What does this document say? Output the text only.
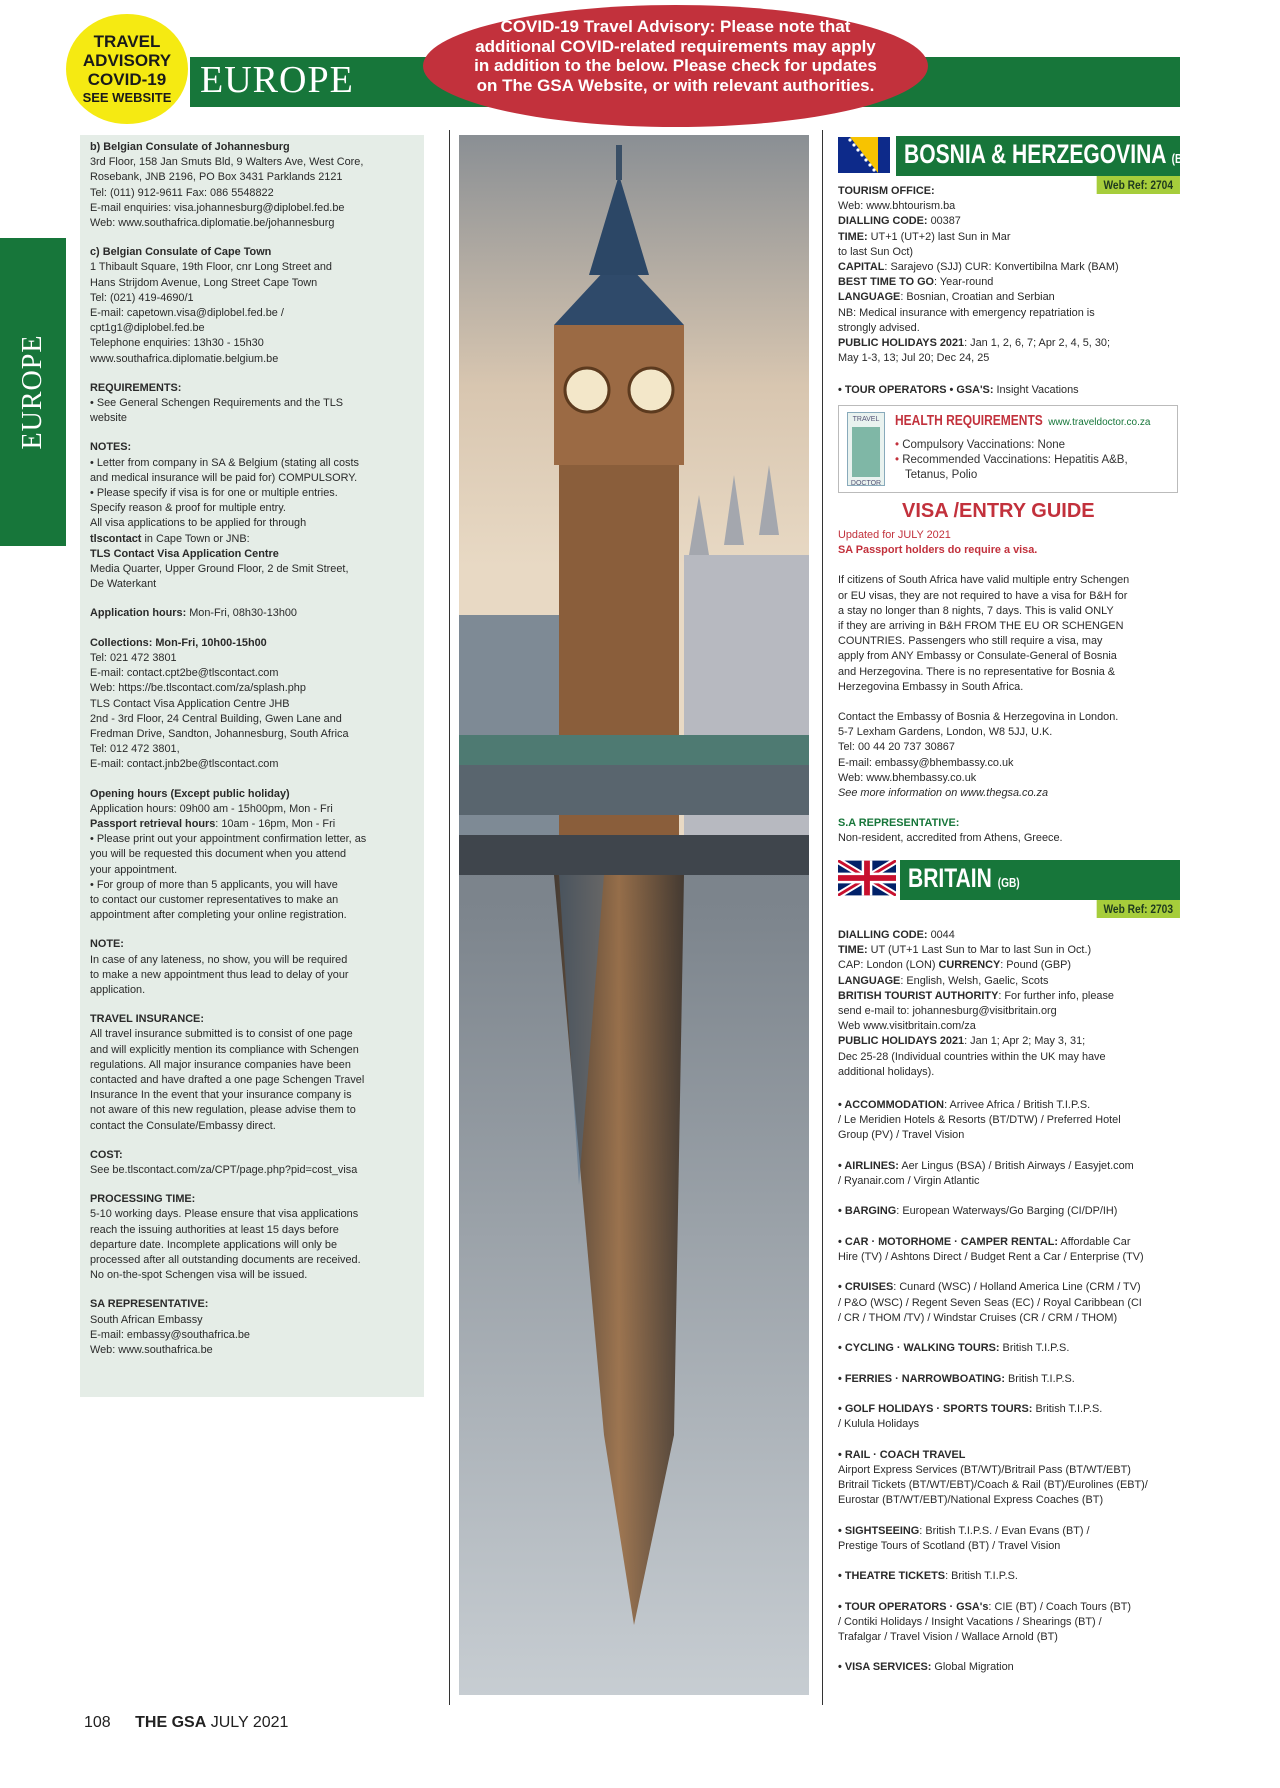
EUROPE
TRAVEL
ADVISORY
COVID-19
SEE WEBSITE
COVID-19 Travel Advisory: Please note that additional COVID-related requirements may apply in addition to the below. Please check for updates on The GSA Website, or with relevant authorities.
EUROPE
b) Belgian Consulate of Johannesburg
3rd Floor, 158 Jan Smuts Bld, 9 Walters Ave, West Core,
Rosebank, JNB 2196, PO Box 3431 Parklands 2121
Tel: (011) 912-9611 Fax: 086 5548822
E-mail enquiries: visa.johannesburg@diplobel.fed.be
Web: www.southafrica.diplomatie.be/johannesburg
c) Belgian Consulate of Cape Town
1 Thibault Square, 19th Floor, cnr Long Street and
Hans Strijdom Avenue, Long Street Cape Town
Tel: (021) 419-4690/1
E-mail: capetown.visa@diplobel.fed.be /
cpt1g1@diplobel.fed.be
Telephone enquiries: 13h30 - 15h30
www.southafrica.diplomatie.belgium.be
REQUIREMENTS:
• See General Schengen Requirements and the TLS
website
NOTES:
• Letter from company in SA & Belgium (stating all costs
and medical insurance will be paid for) COMPULSORY.
• Please specify if visa is for one or multiple entries.
Specify reason & proof for multiple entry.
All visa applications to be applied for through
tlscontact in Cape Town or JNB:
TLS Contact Visa Application Centre
Media Quarter, Upper Ground Floor, 2 de Smit Street,
De Waterkant
Application hours: Mon-Fri, 08h30-13h00
Collections: Mon-Fri, 10h00-15h00
Tel: 021 472 3801
E-mail: contact.cpt2be@tlscontact.com
Web: https://be.tlscontact.com/za/splash.php
TLS Contact Visa Application Centre JHB
2nd - 3rd Floor, 24 Central Building, Gwen Lane and
Fredman Drive, Sandton, Johannesburg, South Africa
Tel: 012 472 3801,
E-mail: contact.jnb2be@tlscontact.com
Opening hours (Except public holiday)
Application hours: 09h00 am - 15h00pm, Mon - Fri
Passport retrieval hours: 10am - 16pm, Mon - Fri
• Please print out your appointment confirmation letter, as
you will be requested this document when you attend
your appointment.
• For group of more than 5 applicants, you will have
to contact our customer representatives to make an
appointment after completing your online registration.
NOTE:
In case of any lateness, no show, you will be required
to make a new appointment thus lead to delay of your
application.
TRAVEL INSURANCE:
All travel insurance submitted is to consist of one page
and will explicitly mention its compliance with Schengen
regulations. All major insurance companies have been
contacted and have drafted a one page Schengen Travel
Insurance In the event that your insurance company is
not aware of this new regulation, please advise them to
contact the Consulate/Embassy direct.
COST:
See be.tlscontact.com/za/CPT/page.php?pid=cost_visa
PROCESSING TIME:
5-10 working days. Please ensure that visa applications
reach the issuing authorities at least 15 days before
departure date. Incomplete applications will only be
processed after all outstanding documents are received.
No on-the-spot Schengen visa will be issued.
SA REPRESENTATIVE:
South African Embassy
E-mail: embassy@southafrica.be
Web: www.southafrica.be
BOSNIA & HERZEGOVINA (BA)
Web Ref: 2704
TOURISM OFFICE:
Web: www.bhtourism.ba
DIALLING CODE: 00387
TIME: UT+1 (UT+2) last Sun in Mar
to last Sun Oct)
CAPITAL: Sarajevo (SJJ) CUR: Konvertibilna Mark (BAM)
BEST TIME TO GO: Year-round
LANGUAGE: Bosnian, Croatian and Serbian
NB: Medical insurance with emergency repatriation is
strongly advised.
PUBLIC HOLIDAYS 2021: Jan 1, 2, 6, 7; Apr 2, 4, 5, 30;
May 1-3, 13; Jul 20; Dec 24, 25
• TOUR OPERATORS • GSA'S: Insight Vacations
TRAVEL
DOCTOR
HEALTH REQUIREMENTS www.traveldoctor.co.za
• Compulsory Vaccinations: None
• Recommended Vaccinations: Hepatitis A&B,
Tetanus, Polio
VISA /ENTRY GUIDE
Updated for JULY 2021
SA Passport holders do require a visa.
If citizens of South Africa have valid multiple entry Schengen
or EU visas, they are not required to have a visa for B&H for
a stay no longer than 8 nights, 7 days. This is valid ONLY
if they are arriving in B&H FROM THE EU OR SCHENGEN
COUNTRIES. Passengers who still require a visa, may
apply from ANY Embassy or Consulate-General of Bosnia
and Herzegovina. There is no representative for Bosnia &
Herzegovina Embassy in South Africa.
Contact the Embassy of Bosnia & Herzegovina in London.
5-7 Lexham Gardens, London, W8 5JJ, U.K.
Tel: 00 44 20 737 30867
E-mail: embassy@bhembassy.co.uk
Web: www.bhembassy.co.uk
See more information on www.thegsa.co.za
S.A REPRESENTATIVE:
Non-resident, accredited from Athens, Greece.
BRITAIN (GB)
Web Ref: 2703
DIALLING CODE: 0044
TIME: UT (UT+1 Last Sun to Mar to last Sun in Oct.)
CAP: London (LON) CURRENCY: Pound (GBP)
LANGUAGE: English, Welsh, Gaelic, Scots
BRITISH TOURIST AUTHORITY: For further info, please
send e-mail to: johannesburg@visitbritain.org
Web www.visitbritain.com/za
PUBLIC HOLIDAYS 2021: Jan 1; Apr 2; May 3, 31;
Dec 25-28 (Individual countries within the UK may have
additional holidays).
• ACCOMMODATION: Arrivee Africa / British T.I.P.S.
/ Le Meridien Hotels & Resorts (BT/DTW) / Preferred Hotel
Group (PV) / Travel Vision
• AIRLINES: Aer Lingus (BSA) / British Airways / Easyjet.com
/ Ryanair.com / Virgin Atlantic
• BARGING: European Waterways/Go Barging (CI/DP/IH)
• CAR · MOTORHOME · CAMPER RENTAL: Affordable Car
Hire (TV) / Ashtons Direct / Budget Rent a Car / Enterprise (TV)
• CRUISES: Cunard (WSC) / Holland America Line (CRM / TV)
/ P&O (WSC) / Regent Seven Seas (EC) / Royal Caribbean (CI
/ CR / THOM /TV) / Windstar Cruises (CR / CRM / THOM)
• CYCLING · WALKING TOURS: British T.I.P.S.
• FERRIES · NARROWBOATING: British T.I.P.S.
• GOLF HOLIDAYS · SPORTS TOURS: British T.I.P.S.
/ Kulula Holidays
• RAIL · COACH TRAVEL
Airport Express Services (BT/WT)/Britrail Pass (BT/WT/EBT)
Britrail Tickets (BT/WT/EBT)/Coach & Rail (BT)/Eurolines (EBT)/
Eurostar (BT/WT/EBT)/National Express Coaches (BT)
• SIGHTSEEING: British T.I.P.S. / Evan Evans (BT) /
Prestige Tours of Scotland (BT) / Travel Vision
• THEATRE TICKETS: British T.I.P.S.
• TOUR OPERATORS · GSA's: CIE (BT) / Coach Tours (BT)
/ Contiki Holidays / Insight Vacations / Shearings (BT) /
Trafalgar / Travel Vision / Wallace Arnold (BT)
• VISA SERVICES: Global Migration
108 THE GSA JULY 2021
